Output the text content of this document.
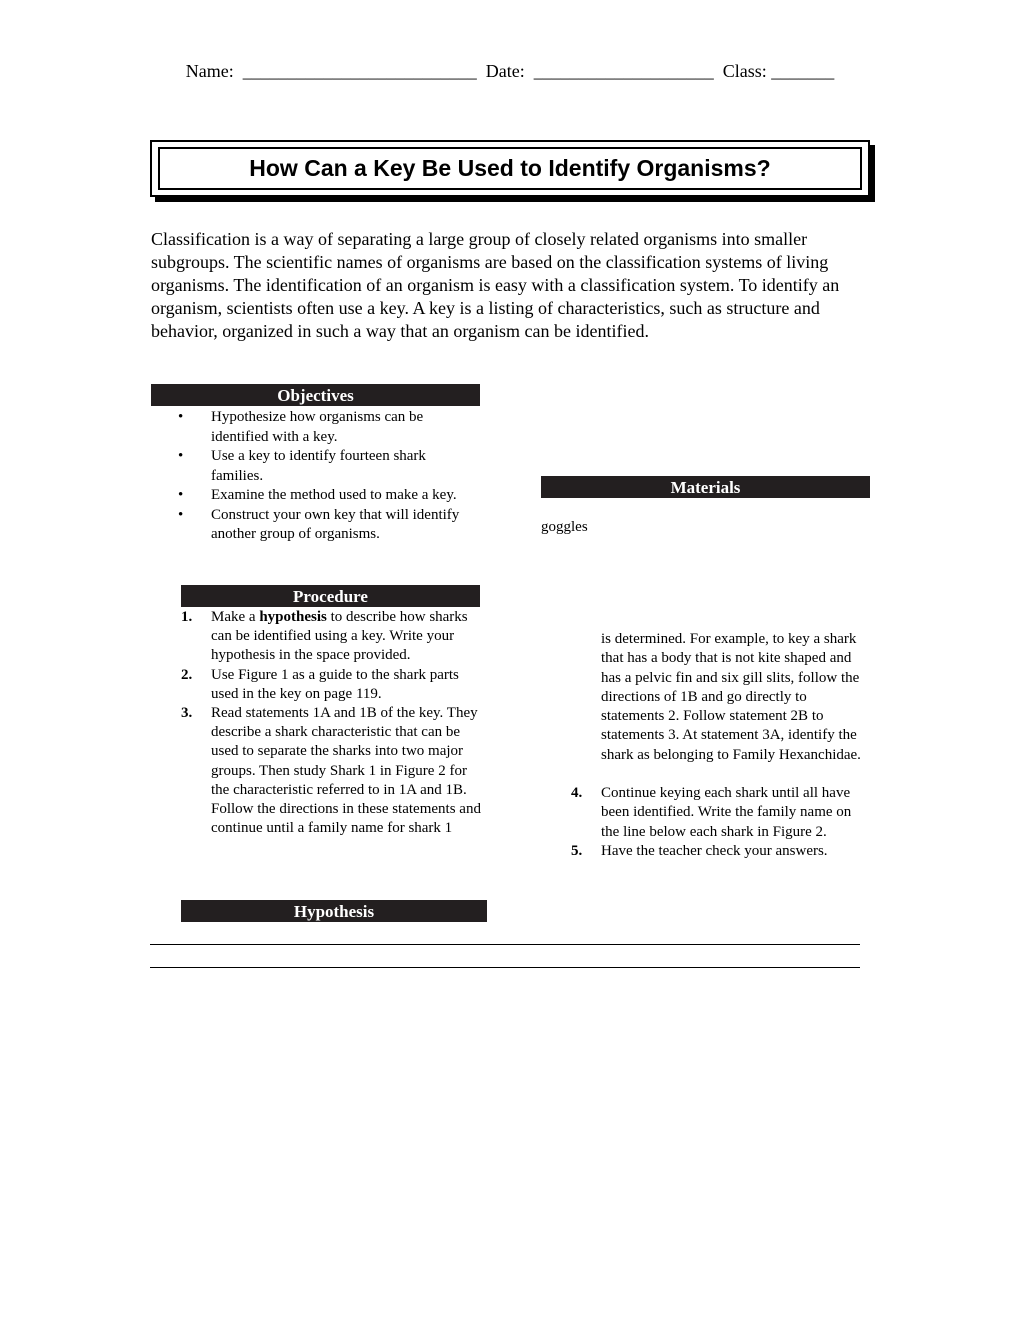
Name:  __________________________  Date:  ____________________  Class: _______
How Can a Key Be Used to Identify Organisms?

Classification is a way of separating a large group of closely related organisms into smaller subgroups. The scientific names of organisms are based on the classification systems of living organisms. The identification of an organism is easy with a classification system. To identify an organism, scientists often use a key. A key is a listing of characteristics, such as structure and behavior, organized in such a way that an organism can be identified.

Objectives
• Hypothesize how organisms can be identified with a key.
• Use a key to identify fourteen shark families.
• Examine the method used to make a key.
• Construct your own key that will identify another group of organisms.
Materials
goggles
Procedure
1. Make a hypothesis to describe how sharks can be identified using a key. Write your hypothesis in the space provided.
2. Use Figure 1 as a guide to the shark parts used in the key on page 119.
3. Read statements 1A and 1B of the key. They describe a shark characteristic that can be used to separate the sharks into two major groups. Then study Shark 1 in Figure 2 for the characteristic referred to in 1A and 1B. Follow the directions in these statements and continue until a family name for shark 1
is determined. For example, to key a shark that has a body that is not kite shaped and has a pelvic fin and six gill slits, follow the directions of 1B and go directly to statements 2. Follow statement 2B to statements 3. At statement 3A, identify the shark as belonging to Family Hexanchidae.
4. Continue keying each shark until all have been identified. Write the family name on the line below each shark in Figure 2.
5. Have the teacher check your answers.
Hypothesis
